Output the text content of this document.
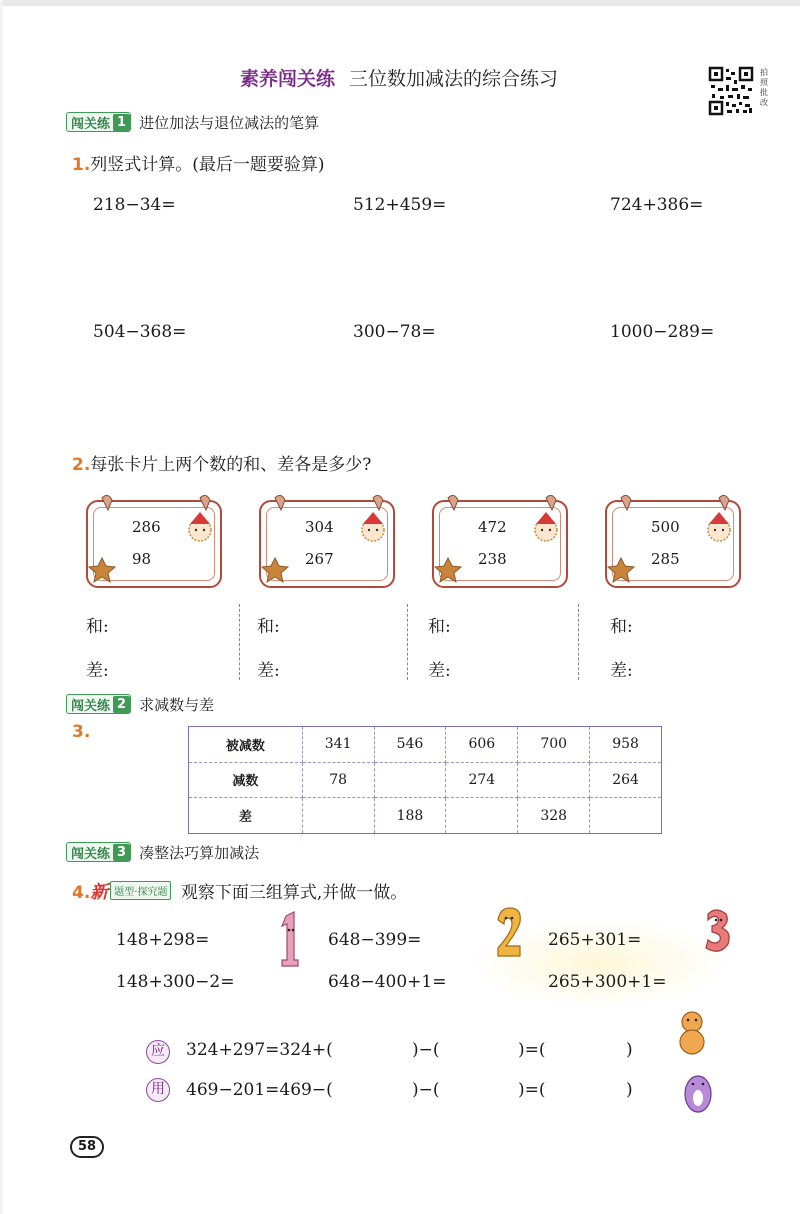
素养闯关练 三位数加减法的综合练习	拍照批改
闯关练 1 进位加法与退位减法的笔算
1.列竖式计算。(最后一题要验算)
218−34=	512+459=	724+386=
504−368=	300−78=	1000−289=
2.每张卡片上两个数的和、差各是多少?
286
98
304
267
472
238
500
285
和:
差:
和:
差:
和:
差:
和:
差:
闯关练 2 求减数与差
3.
被减数	341	546	606	700	958
减数	78		274		264
差		188		328	
闯关练 3 凑整法巧算加减法
4.新 题型·探究题 观察下面三组算式,并做一做。
148+298=
148+300−2=
648−399=
648−400+1=
265+301=
265+300+1=
应
用
324+297=324+(	)−(	)=(	)
469−201=469−(	)−(	)=(	)
58
